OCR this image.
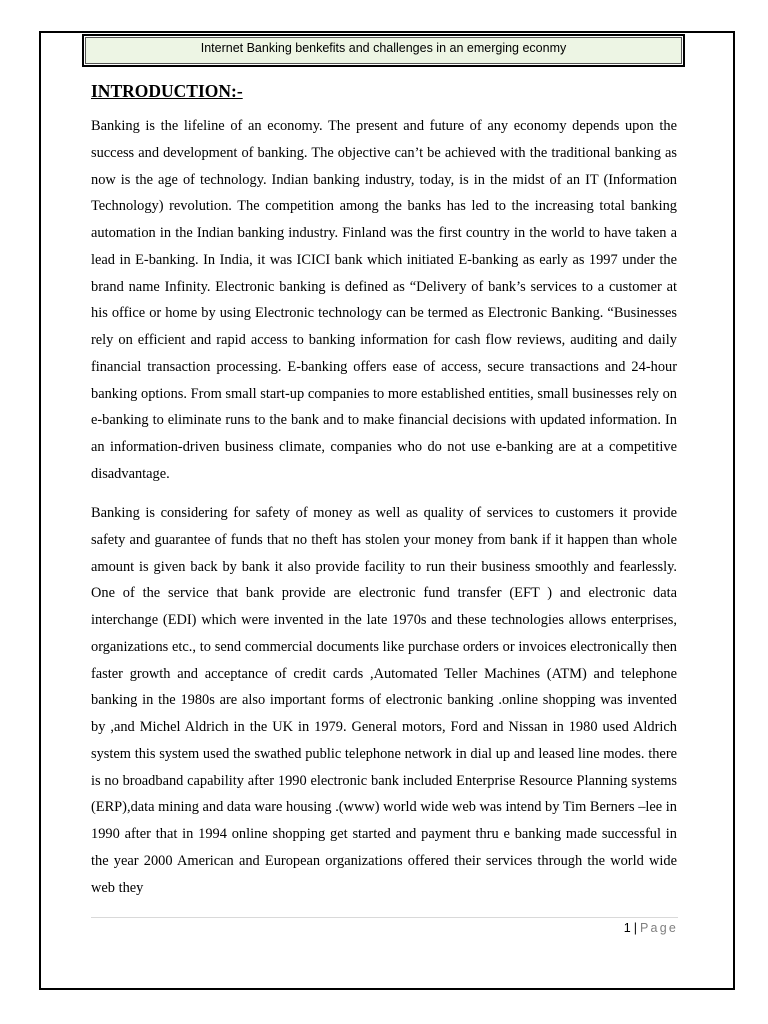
Internet Banking benkefits and challenges in an emerging econmy
INTRODUCTION:-

Banking is the lifeline of an economy. The present and future of any economy depends upon the success and development of banking. The objective can’t be achieved with the traditional banking as now is the age of technology. Indian banking industry, today, is in the midst of an IT (Information Technology) revolution. The competition among the banks has led to the increasing total banking automation in the Indian banking industry. Finland was the first country in the world to have taken a lead in E-banking. In India, it was ICICI bank which initiated E-banking as early as 1997 under the brand name Infinity. Electronic banking is defined as “Delivery of bank’s services to a customer at his office or home by using Electronic technology can be termed as Electronic Banking. “Businesses rely on efficient and rapid access to banking information for cash flow reviews, auditing and daily financial transaction processing. E-banking offers ease of access, secure transactions and 24-hour banking options. From small start-up companies to more established entities, small businesses rely on e-banking to eliminate runs to the bank and to make financial decisions with updated information. In an information-driven business climate, companies who do not use e-banking are at a competitive disadvantage.

Banking is considering for safety of money as well as quality of services to customers it provide safety and guarantee of funds that no theft has stolen your money from bank if it happen than whole amount is given back by bank it also provide facility to run their business smoothly and fearlessly. One of the service that bank provide are electronic fund transfer (EFT ) and electronic data interchange (EDI) which were invented in the late 1970s and these technologies allows enterprises, organizations etc., to send commercial documents like purchase orders or invoices electronically then faster growth and acceptance of credit cards ,Automated Teller Machines (ATM) and telephone banking in the 1980s are also important forms of electronic banking .online shopping was invented by ,and Michel Aldrich in the UK in 1979. General motors, Ford and Nissan in 1980 used Aldrich system this system used the swathed public telephone network in dial up and leased line modes. there is no broadband capability after 1990 electronic bank included Enterprise Resource Planning systems (ERP),data mining and data ware housing .(www) world wide web was intend by Tim Berners –lee in 1990 after that in 1994 online shopping get started and payment thru e banking made successful in the year 2000 American and European organizations offered their services through the world wide web they

1 | Page
